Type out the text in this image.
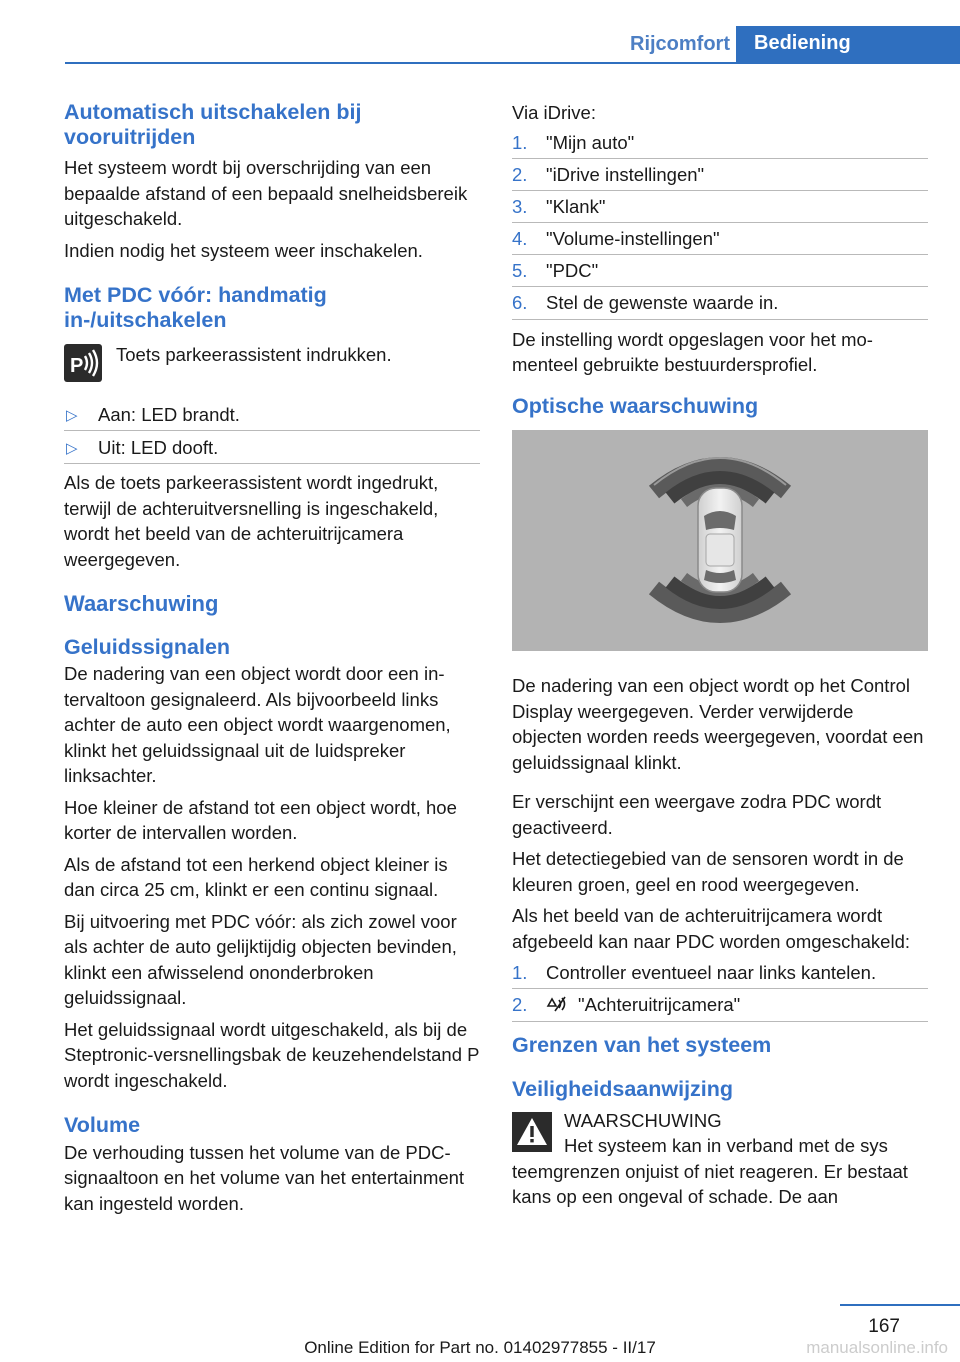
Rijcomfort	Bediening
Automatisch uitschakelen bij vooruitrijden

Het systeem wordt bij overschrijding van een bepaalde afstand of een bepaald snelheidsbereik uitgeschakeld.

Indien nodig het systeem weer inschakelen.

Met PDC vóór: handmatig in-/uitschakelen
P
Toets parkeerassistent indrukken.
▷ Aan: LED brandt.
▷ Uit: LED dooft.

Als de toets parkeerassistent wordt ingedrukt, terwijl de achteruitversnelling is ingeschakeld, wordt het beeld van de achteruitrijcamera weergegeven.

Waarschuwing
Geluidssignalen

De nadering van een object wordt door een intervaltoon gesignaleerd. Als bijvoorbeeld links achter de auto een object wordt waargenomen, klinkt het geluidssignaal uit de luidspreker linksachter.

Hoe kleiner de afstand tot een object wordt, hoe korter de intervallen worden.

Als de afstand tot een herkend object kleiner is dan circa 25 cm, klinkt er een continu signaal.

Bij uitvoering met PDC vóór: als zich zowel voor als achter de auto gelijktijdig objecten bevinden, klinkt een afwisselend ononderbroken geluidssignaal.

Het geluidssignaal wordt uitgeschakeld, als bij de Steptronic-versnellingsbak de keuzehendelstand P wordt ingeschakeld.

Volume

De verhouding tussen het volume van de PDC-signaaltoon en het volume van het entertainment kan ingesteld worden.

Via iDrive:

1. "Mijn auto"
2. "iDrive instellingen"
3. "Klank"
4. "Volume-instellingen"
5. "PDC"
6. Stel de gewenste waarde in.

De instelling wordt opgeslagen voor het momenteel gebruikte bestuurdersprofiel.

Optische waarschuwing

De nadering van een object wordt op het Control Display weergegeven. Verder verwijderde objecten worden reeds weergegeven, voordat een geluidssignaal klinkt.

Er verschijnt een weergave zodra PDC wordt geactiveerd.

Het detectiegebied van de sensoren wordt in de kleuren groen, geel en rood weergegeven.

Als het beeld van de achteruitrijcamera wordt afgebeeld kan naar PDC worden omgeschakeld:

1. Controller eventueel naar links kantelen.
2.	"Achteruitrijcamera"
Grenzen van het systeem
Veiligheidsaanwijzing

WAARSCHUWING

Het systeem kan in verband met de sys

teemgrenzen onjuist of niet reageren. Er bestaat kans op een ongeval of schade. De aan

167
Online Edition for Part no. 01402977855 - II/17	manualsonline.info
